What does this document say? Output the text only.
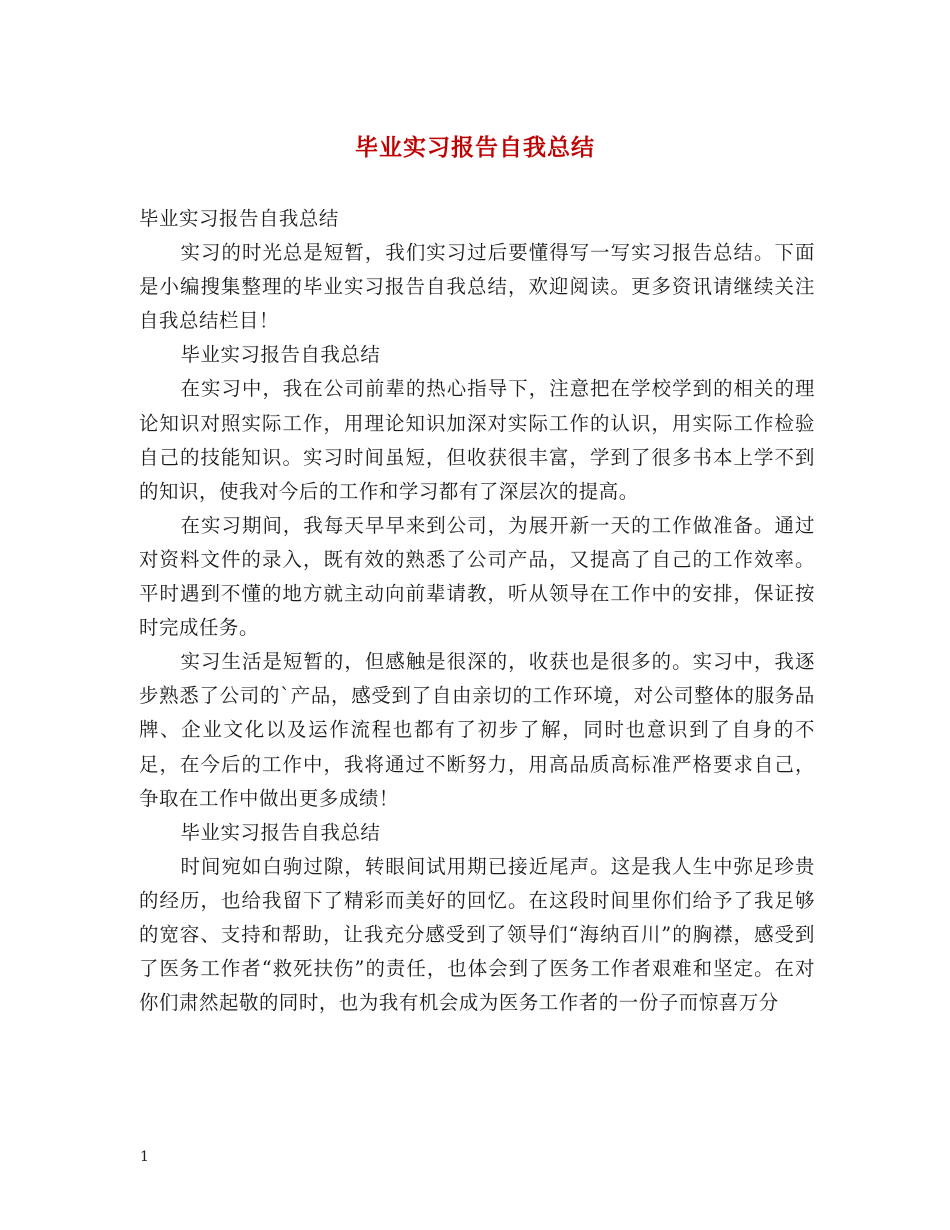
毕业实习报告自我总结

毕业实习报告自我总结

实习的时光总是短暂，我们实习过后要懂得写一写实习报告总结。下面是小编搜集整理的毕业实习报告自我总结，欢迎阅读。更多资讯请继续关注自我总结栏目！

毕业实习报告自我总结

在实习中，我在公司前辈的热心指导下，注意把在学校学到的相关的理论知识对照实际工作，用理论知识加深对实际工作的认识，用实际工作检验自己的技能知识。实习时间虽短，但收获很丰富，学到了很多书本上学不到的知识，使我对今后的工作和学习都有了深层次的提高。

在实习期间，我每天早早来到公司，为展开新一天的工作做准备。通过对资料文件的录入，既有效的熟悉了公司产品，又提高了自己的工作效率。平时遇到不懂的地方就主动向前辈请教，听从领导在工作中的安排，保证按时完成任务。

实习生活是短暂的，但感触是很深的，收获也是很多的。实习中，我逐步熟悉了公司的`产品，感受到了自由亲切的工作环境，对公司整体的服务品牌、企业文化以及运作流程也都有了初步了解，同时也意识到了自身的不足，在今后的工作中，我将通过不断努力，用高品质高标准严格要求自己，争取在工作中做出更多成绩！

毕业实习报告自我总结

时间宛如白驹过隙，转眼间试用期已接近尾声。这是我人生中弥足珍贵的经历，也给我留下了精彩而美好的回忆。在这段时间里你们给予了我足够的宽容、支持和帮助，让我充分感受到了领导们“海纳百川”的胸襟，感受到了医务工作者“救死扶伤”的责任，也体会到了医务工作者艰难和坚定。在对你们肃然起敬的同时，也为我有机会成为医务工作者的一份子而惊喜万分

1
